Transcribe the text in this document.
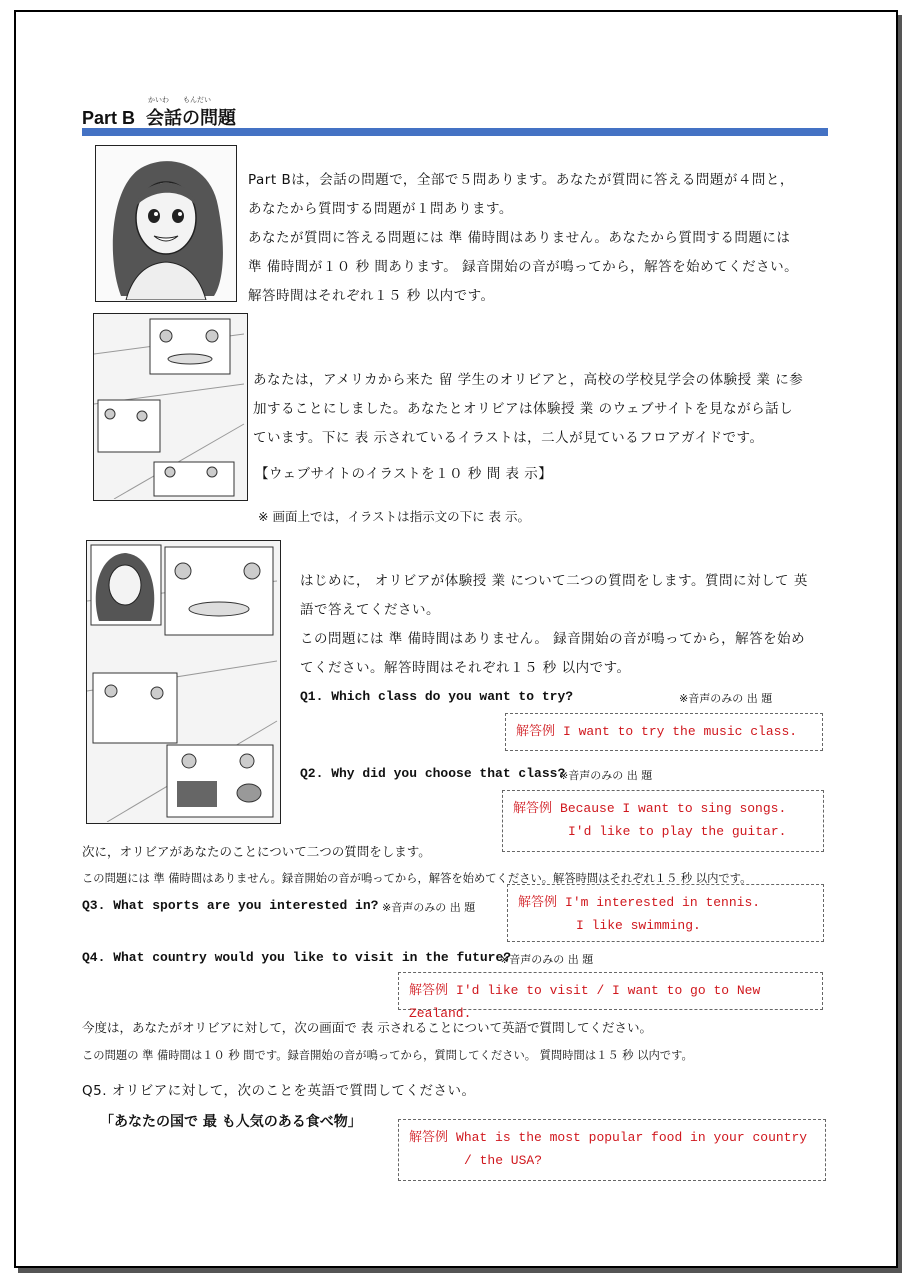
Part B 会話の問題
かいわ　　もんだい
Part Bは，会話の問題で，全部で５問あります。あなたが質問に答える問題が４問と，
あなたから質問する問題が１問あります。
あなたが質問に答える問題には 準 備時間はありません。あなたから質問する問題には
準 備時間が１０ 秒 間あります。 録音開始の音が鳴ってから，解答を始めてください。
解答時間はそれぞれ１５ 秒 以内です。
あなたは，アメリカから来た 留 学生のオリビアと，高校の学校見学会の体験授 業 に参
加することにしました。あなたとオリビアは体験授 業 のウェブサイトを見ながら話し
ています。下に 表 示されているイラストは，二人が見ているフロアガイドです。
【ウェブサイトのイラストを１０ 秒 間 表 示】
※ 画面上では，イラストは指示文の下に 表 示。
はじめに， オリビアが体験授 業 について二つの質問をします。質問に対して 英
語で答えてください。
この問題には 準 備時間はありません。 録音開始の音が鳴ってから，解答を始め
てください。解答時間はそれぞれ１５ 秒 以内です。
Q1. Which class do you want to try?	※音声のみの 出 題
解答例 I want to try the music class.
Q2. Why did you choose that class?
※音声のみの 出 題
解答例 Because I want to sing songs.
I'd like to play the guitar.
次に，オリビアがあなたのことについて二つの質問をします。
この問題には 準 備時間はありません。録音開始の音が鳴ってから，解答を始めてください。解答時間はそれぞれ１５ 秒 以内です。
Q3. What sports are you interested in? ※音声のみの 出 題	解答例 I'm interested in tennis.
I like swimming.
Q4. What country would you like to visit in the future?
※音声のみの 出 題
解答例 I'd like to visit / I want to go to New Zealand.
今度は，あなたがオリビアに対して，次の画面で 表 示されることについて英語で質問してください。
この問題の 準 備時間は１０ 秒 間です。録音開始の音が鳴ってから，質問してください。 質問時間は１５ 秒 以内です。
Q5. オリビアに対して，次のことを英語で質問してください。
「あなたの国で 最 も人気のある食べ物」
解答例 What is the most popular food in your country
/ the USA?
